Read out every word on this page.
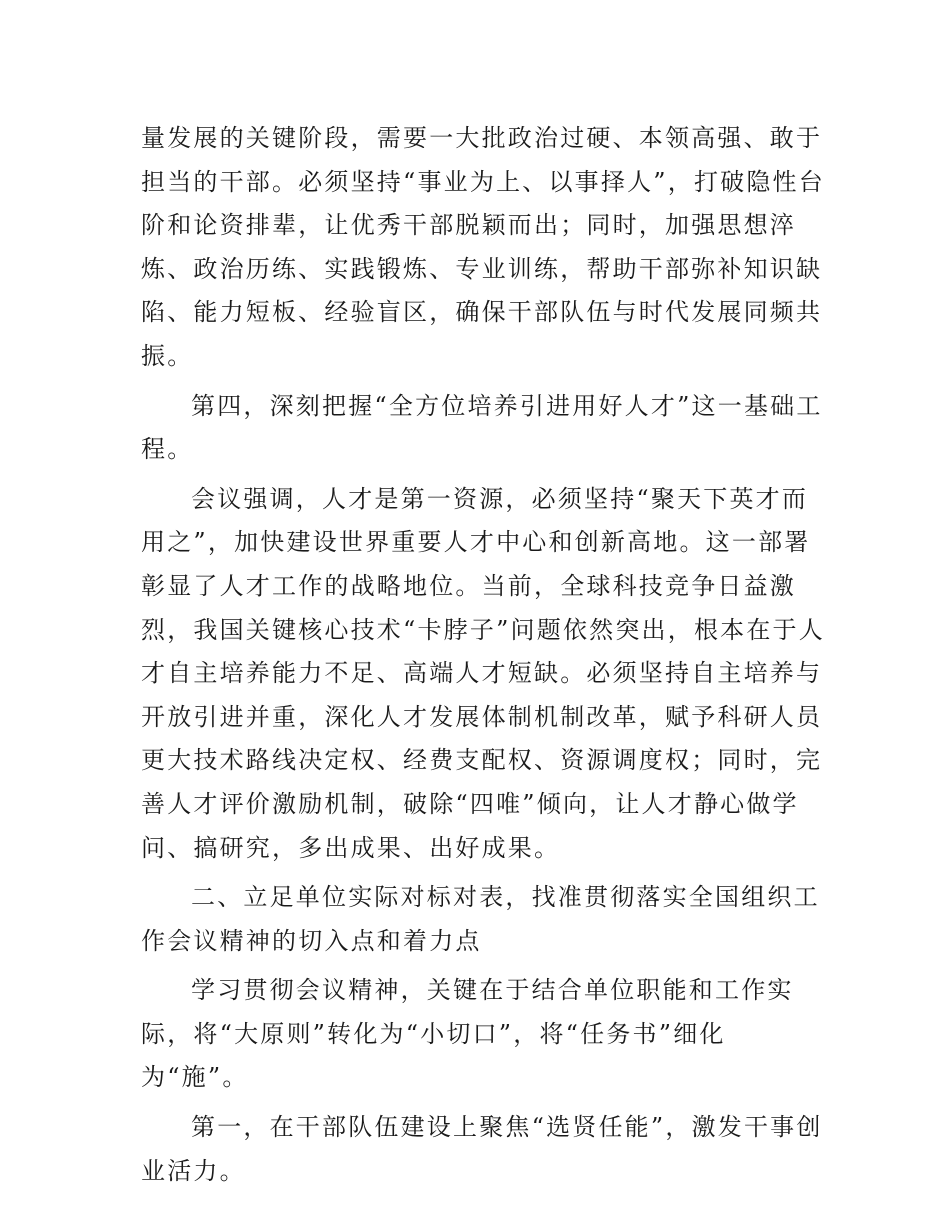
量发展的关键阶段，需要一大批政治过硬、本领高强、敢于担当的干部。必须坚持“事业为上、以事择人”，打破隐性台阶和论资排辈，让优秀干部脱颖而出；同时，加强思想淬炼、政治历练、实践锻炼、专业训练，帮助干部弥补知识缺陷、能力短板、经验盲区，确保干部队伍与时代发展同频共振。

第四，深刻把握“全方位培养引进用好人才”这一基础工程。

会议强调，人才是第一资源，必须坚持“聚天下英才而用之”，加快建设世界重要人才中心和创新高地。这一部署彰显了人才工作的战略地位。当前，全球科技竞争日益激烈，我国关键核心技术“卡脖子”问题依然突出，根本在于人才自主培养能力不足、高端人才短缺。必须坚持自主培养与开放引进并重，深化人才发展体制机制改革，赋予科研人员更大技术路线决定权、经费支配权、资源调度权；同时，完善人才评价激励机制，破除“四唯”倾向，让人才静心做学问、搞研究，多出成果、出好成果。

二、立足单位实际对标对表，找准贯彻落实全国组织工作会议精神的切入点和着力点

学习贯彻会议精神，关键在于结合单位职能和工作实际，将“大原则”转化为“小切口”，将“任务书”细化为“施”。

第一，在干部队伍建设上聚焦“选贤任能”，激发干事创业活力。
